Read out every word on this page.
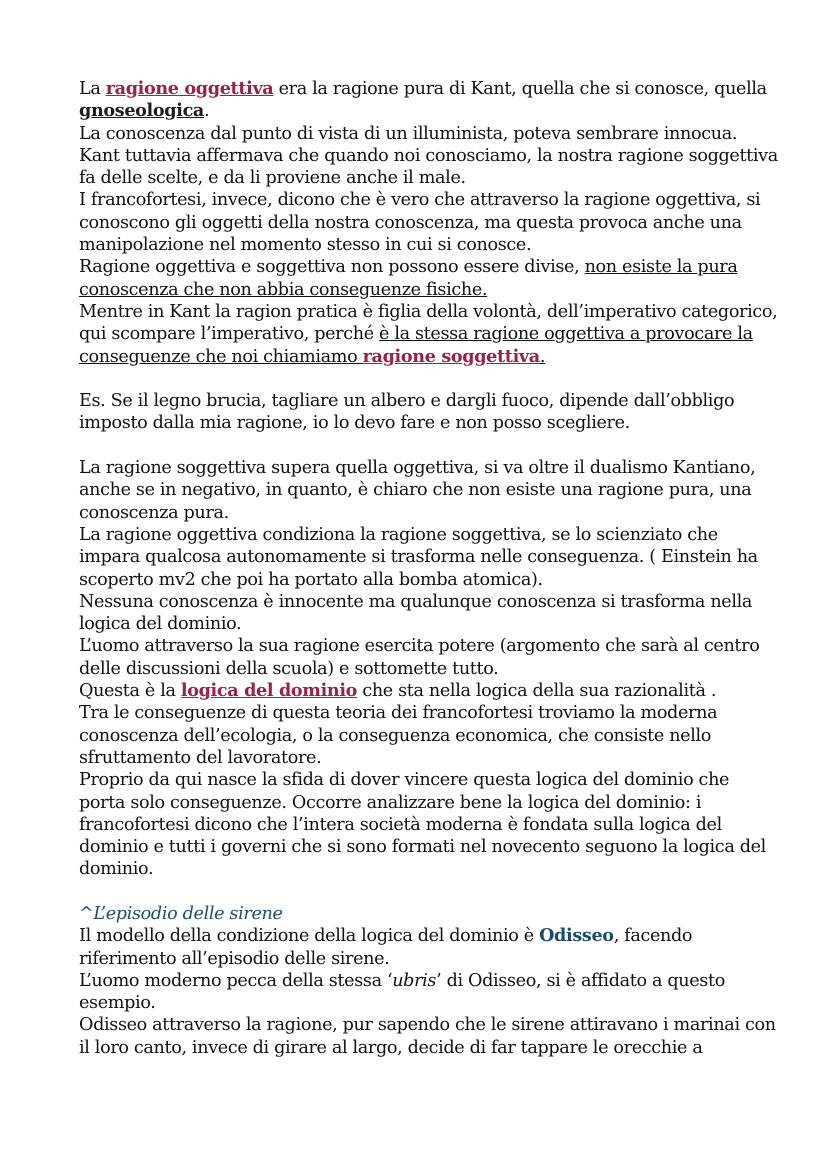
La ragione oggettiva era la ragione pura di Kant, quella che si conosce, quella gnoseologica.

La conoscenza dal punto di vista di un illuminista, poteva sembrare innocua.

Kant tuttavia affermava che quando noi conosciamo, la nostra ragione soggettiva fa delle scelte, e da li proviene anche il male.

I francofortesi, invece, dicono che è vero che attraverso la ragione oggettiva, si conoscono gli oggetti della nostra conoscenza, ma questa provoca anche una manipolazione nel momento stesso in cui si conosce.

Ragione oggettiva e soggettiva non possono essere divise, non esiste la pura conoscenza che non abbia conseguenze fisiche.

Mentre in Kant la ragion pratica è figlia della volontà, dell’imperativo categorico, qui scompare l’imperativo, perché è la stessa ragione oggettiva a provocare la conseguenze che noi chiamiamo ragione soggettiva.

Es. Se il legno brucia, tagliare un albero e dargli fuoco, dipende dall’obbligo imposto dalla mia ragione, io lo devo fare e non posso scegliere.

La ragione soggettiva supera quella oggettiva, si va oltre il dualismo Kantiano, anche se in negativo, in quanto, è chiaro che non esiste una ragione pura, una conoscenza pura.

La ragione oggettiva condiziona la ragione soggettiva, se lo scienziato che impara qualcosa autonomamente si trasforma nelle conseguenza. ( Einstein ha scoperto mv2 che poi ha portato alla bomba atomica).

Nessuna conoscenza è innocente ma qualunque conoscenza si trasforma nella logica del dominio.

L’uomo attraverso la sua ragione esercita potere (argomento che sarà al centro delle discussioni della scuola) e sottomette tutto.

Questa è la logica del dominio che sta nella logica della sua razionalità .

Tra le conseguenze di questa teoria dei francofortesi troviamo la moderna conoscenza dell’ecologia, o la conseguenza economica, che consiste nello sfruttamento del lavoratore.

Proprio da qui nasce la sfida di dover vincere questa logica del dominio che porta solo conseguenze. Occorre analizzare bene la logica del dominio: i francofortesi dicono che l’intera società moderna è fondata sulla logica del dominio e tutti i governi che si sono formati nel novecento seguono la logica del dominio.

^L’episodio delle sirene

Il modello della condizione della logica del dominio è Odisseo, facendo riferimento all’episodio delle sirene.

L’uomo moderno pecca della stessa ‘ubris’ di Odisseo, si è affidato a questo esempio.

Odisseo attraverso la ragione, pur sapendo che le sirene attiravano i marinai con il loro canto, invece di girare al largo, decide di far tappare le orecchie a
